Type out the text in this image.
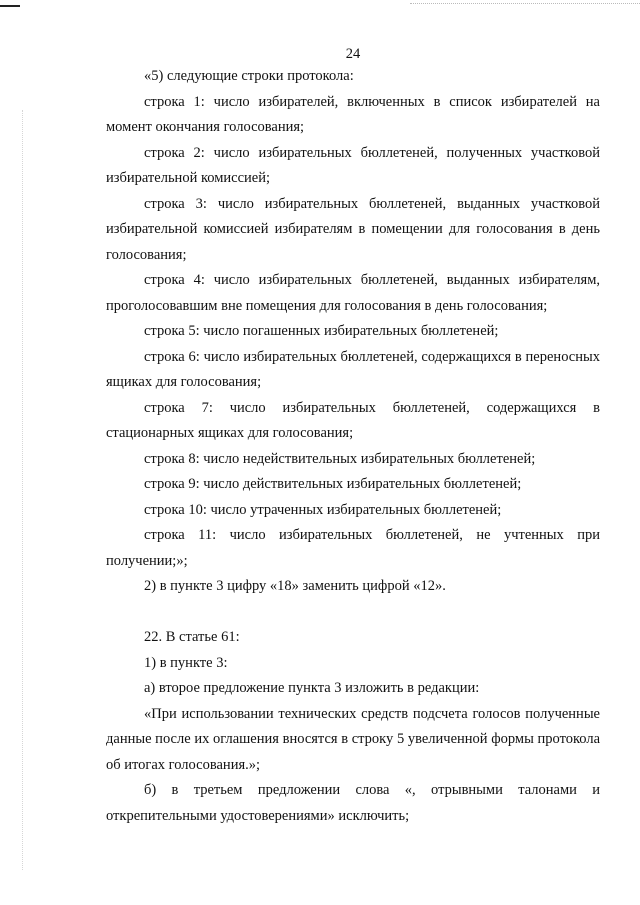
24

«5) следующие строки протокола:

строка 1: число избирателей, включенных в список избирателей на момент окончания голосования;

строка 2: число избирательных бюллетеней, полученных участковой избирательной комиссией;

строка 3: число избирательных бюллетеней, выданных участковой избирательной комиссией избирателям в помещении для голосования в день голосования;

строка 4: число избирательных бюллетеней, выданных избирателям, проголосовавшим вне помещения для голосования в день голосования;

строка 5: число погашенных избирательных бюллетеней;

строка 6: число избирательных бюллетеней, содержащихся в переносных ящиках для голосования;

строка 7: число избирательных бюллетеней, содержащихся в стационарных ящиках для голосования;

строка 8: число недействительных избирательных бюллетеней;

строка 9: число действительных избирательных бюллетеней;

строка 10: число утраченных избирательных бюллетеней;

строка 11: число избирательных бюллетеней, не учтенных при получении;»;

2) в пункте 3 цифру «18» заменить цифрой «12».

22. В статье 61:

1) в пункте 3:

а) второе предложение пункта 3 изложить в редакции:

«При использовании технических средств подсчета голосов полученные данные после их оглашения вносятся в строку 5 увеличенной формы протокола об итогах голосования.»;

б) в третьем предложении слова «, отрывными талонами и открепительными удостоверениями» исключить;
